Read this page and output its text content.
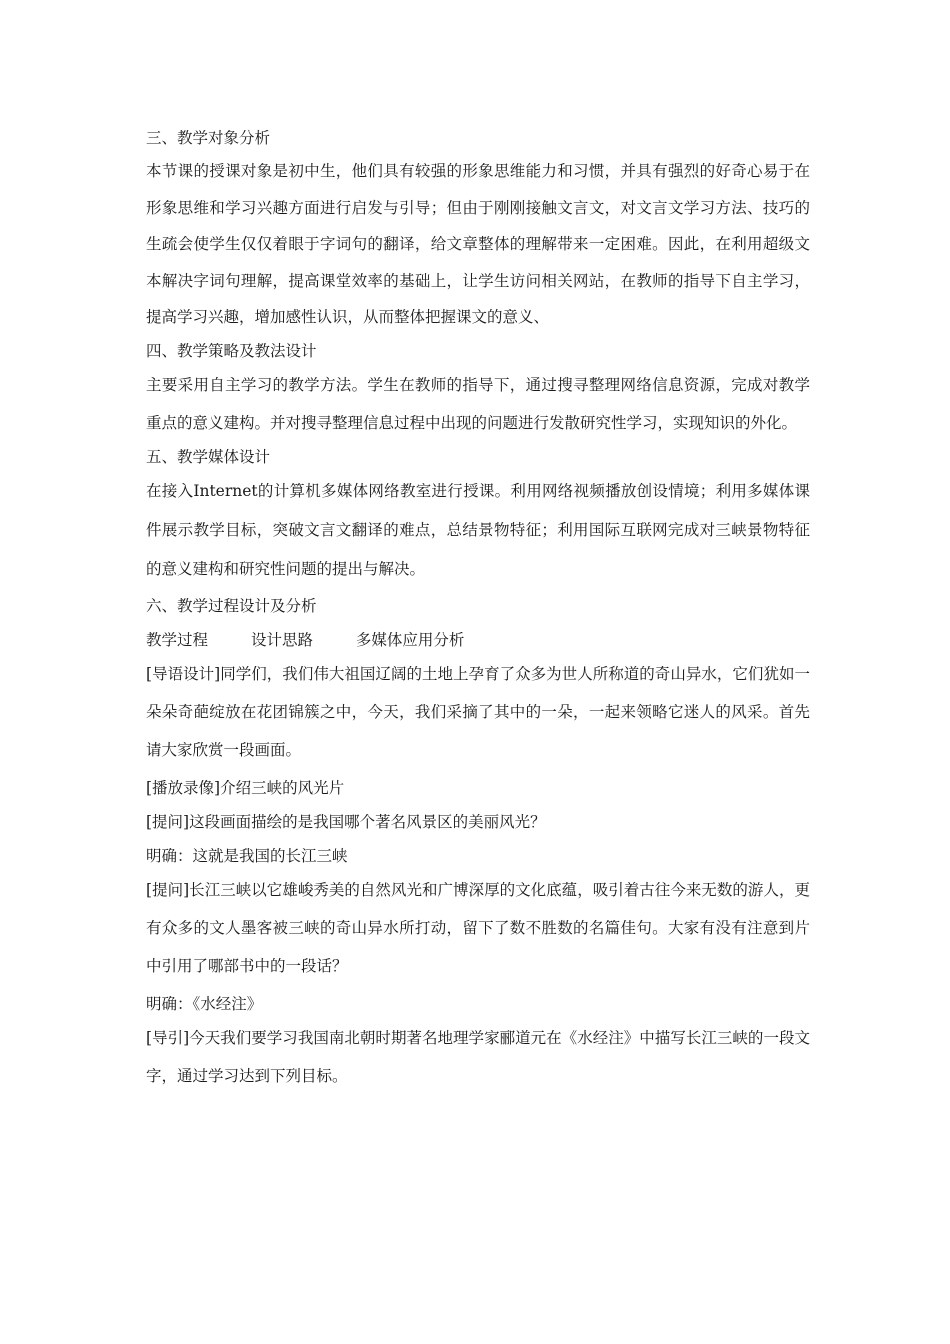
三、教学对象分析
本节课的授课对象是初中生，他们具有较强的形象思维能力和习惯，并具有强烈的好奇心易于在形象思维和学习兴趣方面进行启发与引导；但由于刚刚接触文言文，对文言文学习方法、技巧的生疏会使学生仅仅着眼于字词句的翻译，给文章整体的理解带来一定困难。因此，在利用超级文本解决字词句理解，提高课堂效率的基础上，让学生访问相关网站，在教师的指导下自主学习，提高学习兴趣，增加感性认识，从而整体把握课文的意义、
四、教学策略及教法设计
主要采用自主学习的教学方法。学生在教师的指导下，通过搜寻整理网络信息资源，完成对教学重点的意义建构。并对搜寻整理信息过程中出现的问题进行发散研究性学习，实现知识的外化。
五、教学媒体设计
在接入Internet的计算机多媒体网络教室进行授课。利用网络视频播放创设情境；利用多媒体课件展示教学目标，突破文言文翻译的难点，总结景物特征；利用国际互联网完成对三峡景物特征的意义建构和研究性问题的提出与解决。
六、教学过程设计及分析
教学过程	设计思路	多媒体应用分析
[导语设计]同学们，我们伟大祖国辽阔的土地上孕育了众多为世人所称道的奇山异水，它们犹如一朵朵奇葩绽放在花团锦簇之中，今天，我们采摘了其中的一朵，一起来领略它迷人的风采。首先请大家欣赏一段画面。
[播放录像]介绍三峡的风光片
[提问]这段画面描绘的是我国哪个著名风景区的美丽风光？
明确：这就是我国的长江三峡
[提问]长江三峡以它雄峻秀美的自然风光和广博深厚的文化底蕴，吸引着古往今来无数的游人，更有众多的文人墨客被三峡的奇山异水所打动，留下了数不胜数的名篇佳句。大家有没有注意到片中引用了哪部书中的一段话？
明确：《水经注》
[导引]今天我们要学习我国南北朝时期著名地理学家郦道元在《水经注》中描写长江三峡的一段文字，通过学习达到下列目标。
